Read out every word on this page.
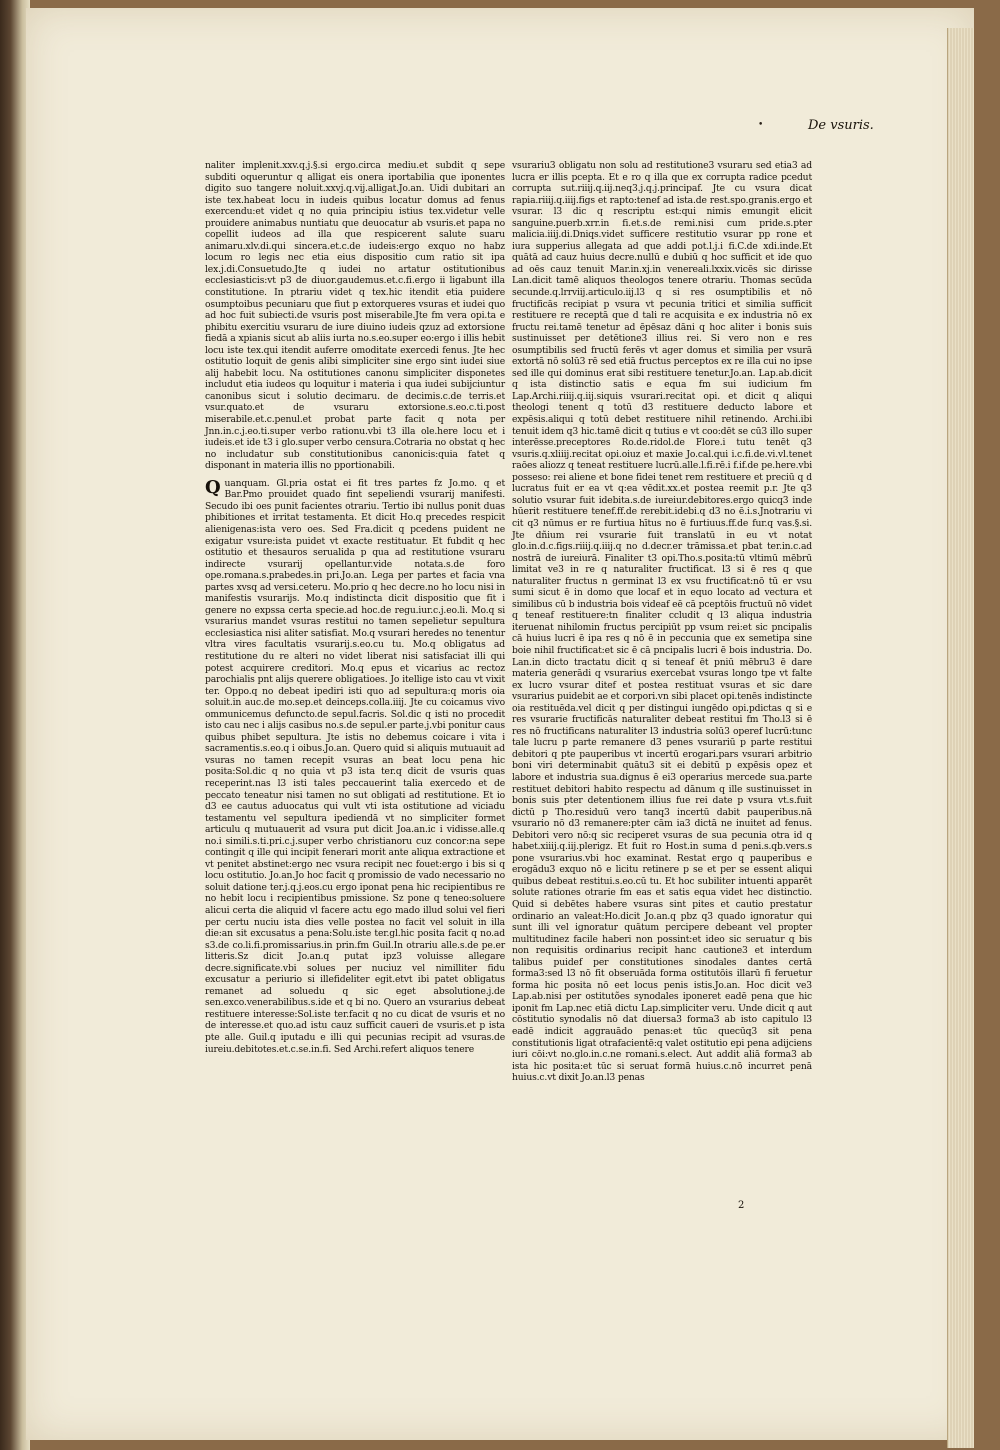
•	De vsuris.

naliter implenit.xxv.q.j.§.si ergo.circa mediu.et subdit q sepe subditi oqueruntur q alligat eis onera iportabilia que iponentes digito suo tangere noluit.xxvj.q.vij.alligat.Jo.an. Uidi dubitari an iste tex.habeat locu in iudeis quibus locatur domus ad fenus exercendu:et videt q no quia principiu istius tex.videtur velle prouidere animabus nuntiatu que deuocatur ab vsuris.et papa no copellit iudeos ad illa que respicerent salute suaru animaru.xlv.di.qui sincera.et.c.de iudeis:ergo exquo no habz locum ro legis nec etia eius dispositio cum ratio sit ipa lex.j.di.Consuetudo.Jte q iudei no artatur ostitutionibus ecclesiasticis:vt p3 de diuor.gaudemus.et.c.fi.ergo ii ligabunt illa constitutione. In ptrariu videt q tex.hic itendit etia puidere osumptoibus pecuniaru que fiut p extorqueres vsuras et iudei quo ad hoc fuit subiecti.de vsuris post miserabile.Jte fm vera opi.ta e phibitu exercitiu vsuraru de iure diuino iudeis qzuz ad extorsione fiedā a xpianis sicut ab aliis iurta no.s.eo.super eo:ergo i illis hebit locu iste tex.qui itendit auferre omoditate exercedi fenus. Jte hec ostitutio loquit de genis alibi simpliciter sine ergo sint iudei siue alij habebit locu. Na ostitutiones canonu simpliciter disponetes includut etia iudeos qu loquitur i materia i qua iudei subijciuntur canonibus sicut i solutio decimaru. de decimis.c.de terris.et vsur.quato.et de vsuraru extorsione.s.eo.c.ti.post miserabile.et.c.penul.et probat parte facit q nota per Jnn.in.c.j.eo.ti.super verbo rationu.vbi t3 illa ole.here locu et i iudeis.et ide t3 i glo.super verbo censura.Cotraria no obstat q hec no includatur sub constitutionibus canonicis:quia fatet q disponant in materia illis no pportionabili.

Quanquam. Gl.pria ostat ei fit tres partes fz Jo.mo. q et Bar.Pmo prouidet quado fint sepeliendi vsurarij manifesti. Secudo ibi oes punit facientes otrariu. Tertio ibi nullus ponit duas phibitiones et irritat testamenta. Et dicit Ho.q precedes respicit alienigenas:ista vero oes. Sed Fra.dicit q pcedens puident ne exigatur vsure:ista puidet vt exacte restituatur. Et fubdit q hec ostitutio et thesauros serualida p qua ad restitutione vsuraru indirecte vsurarij opellantur.vide notata.s.de foro ope.romana.s.prabedes.in pri.Jo.an. Lega per partes et facia vna partes xvsq ad versi.ceteru. Mo.prio q hec decre.no ho locu nisi in manifestis vsurarijs. Mo.q indistincta dicit dispositio que fit i genere no expssa certa specie.ad hoc.de regu.iur.c.j.eo.li. Mo.q si vsurarius mandet vsuras restitui no tamen sepelietur sepultura ecclesiastica nisi aliter satisfiat. Mo.q vsurari heredes no tenentur vltra vires facultatis vsurarij.s.eo.cu tu. Mo.q obligatus ad restitutione du re alteri no videt liberat nisi satisfaciat illi qui potest acquirere creditori. Mo.q epus et vicarius ac rectoz parochialis pnt alijs querere obligatioes. Jo itellige isto cau vt vixit ter. Oppo.q no debeat ipediri isti quo ad sepultura:q moris oia soluit.in auc.de mo.sep.et deinceps.colla.iiij. Jte cu coicamus vivo ommunicemus defuncto.de sepul.facris. Sol.dic q isti no procedit isto cau nec i alijs casibus no.s.de sepul.er parte.j.vbi ponitur caus quibus phibet sepultura. Jte istis no debemus coicare i vita i sacramentis.s.eo.q i oibus.Jo.an. Quero quid si aliquis mutuauit ad vsuras no tamen recepit vsuras an beat locu pena hic posita:Sol.dic q no quia vt p3 ista ter.q dicit de vsuris quas receperint.nas l3 isti tales peccauerint talia exercedo et de peccato teneatur nisi tamen no sut obligati ad restitutione. Et io d3 ee cautus aduocatus qui vult vti ista ostitutione ad viciadu testamentu vel sepultura ipediendā vt no simpliciter formet articulu q mutuauerit ad vsura put dicit Joa.an.ic i vidisse.alle.q no.i simili.s.ti.pri.c.j.super verbo christianoru cuz concor:na sepe contingit q ille qui incipit fenerari morit ante aliqua extractione et vt penitet abstinet:ergo nec vsura recipit nec fouet:ergo i bis si q locu ostitutio. Jo.an.Jo hoc facit q promissio de vado necessario no soluit datione ter.j.q.j.eos.cu ergo iponat pena hic recipientibus re no hebit locu i recipientibus pmissione. Sz pone q teneo:soluere alicui certa die aliquid vl facere actu ego mado illud solui vel fieri per certu nuciu ista dies velle postea no facit vel soluit in illa die:an sit excusatus a pena:Solu.iste ter.gl.hic posita facit q no.ad s3.de co.li.fi.promissarius.in prin.fm Guil.In otrariu alle.s.de pe.er litteris.Sz dicit Jo.an.q putat ipz3 voluisse allegare decre.significate.vbi solues per nuciuz vel nimilliter fidu excusatur a periurio si illefideliter egit.etvt ibi patet obligatus remanet ad soluedu q sic eget absolutione.j.de sen.exco.venerabilibus.s.ide et q bi no. Quero an vsurarius debeat restituere interesse:Sol.iste ter.facit q no cu dicat de vsuris et no de interesse.et quo.ad istu cauz sufficit caueri de vsuris.et p ista pte alle. Guil.q iputadu e illi qui pecunias recipit ad vsuras.de iureiu.debitotes.et.c.se.in.fi. Sed Archi.refert aliquos tenere

vsurariu3 obligatu non solu ad restitutione3 vsuraru sed etia3 ad lucra er illis pcepta. Et e ro q illa que ex corrupta radice pcedut corrupta sut.riiij.q.iij.neq3.j.q.j.principaf. Jte cu vsura dicat rapia.riiij.q.iiij.figs et rapto:tenef ad ista.de rest.spo.granis.ergo et vsurar. l3 dic q rescriptu est:qui nimis emungit elicit sanguine.puerb.xrr.in fi.et.s.de remi.nisi cum pride.s.pter malicia.iiij.di.Dniqs.videt sufficere restitutio vsurar pp rone et iura supperius allegata ad que addi pot.l.j.i fi.C.de xdi.inde.Et quātā ad cauz huius decre.nullū e dubiū q hoc sufficit et ide quo ad oēs cauz tenuit Mar.in.xj.in venereali.lxxix.vicēs sic dirisse Lan.dicit tamē aliquos theologos tenere otrariu. Thomas secūda secunde.q.lrrviij.articulo.iij.l3 q si res osumptibilis et nō fructificās recipiat p vsura vt pecunia tritici et similia sufficit restituere re receptā que d tali re acquisita e ex industria nō ex fructu rei.tamē tenetur ad ēpēsaz dāni q hoc aliter i bonis suis sustinuisset per detētione3 illius rei. Si vero non e res osumptibilis sed fructū ferēs vt ager domus et similia per vsurā extortā nō solū3 rē sed etiā fructus perceptos ex re illa cui no ipse sed ille qui dominus erat sibi restituere tenetur.Jo.an. Lap.ab.dicit q ista distinctio satis e equa fm sui iudicium fm Lap.Archi.riiij.q.iij.siquis vsurari.recitat opi. et dicit q aliqui theologi tenent q totū d3 restituere deducto labore et expēsis.aliqui q totū debet restituere nihil retinendo. Archi.ibi tenuit idem q3 hic.tamē dicit q tutius e vt coo:dēt se cū3 illo super interēsse.preceptores Ro.de.ridol.de Flore.i tutu tenēt q3 vsuris.q.xliiij.recitat opi.oiuz et maxie Jo.cal.qui i.c.fi.de.vi.vl.tenet raōes aliozz q teneat restituere lucrū.alle.l.fi.rē.i f.if.de pe.here.vbi posseso: rei aliene et bone fidei tenet rem restituere et preciū q d lucratus fuit er ea vt q:ea vēdit.xx.et postea reemit p.r. Jte q3 solutio vsurar fuit idebita.s.de iureiur.debitores.ergo quicq3 inde hūerit restituere tenef.ff.de rerebit.idebi.q d3 no ē.i.s.Jnotrariu vi cit q3 nūmus er re furtiua hītus no ē furtiuus.ff.de fur.q vas.§.si. Jte dñium rei vsurarie fuit translatū in eu vt notat glo.in.d.c.figs.riiij.q.iiij.q no d.decr.er trāmissa.et pbat ter.in.c.ad nostrā de iureiurā. Finaliter t3 opi.Tho.s.posita:tū vltimū mēbrū limitat ve3 in re q naturaliter fructificat. l3 si ē res q que naturaliter fructus n germinat l3 ex vsu fructificat:nō tū er vsu sumi sicut ē in domo que locaf et in equo locato ad vectura et similibus cū b industria bois videaf eē cā pceptōis fructuū nō videt q teneaf restituere:tn finaliter ccludit q l3 aliqua industria iteruenat nihilomin fructus percipiūt pp vsum rei:et sic pncipalis cā huius lucri ē ipa res q nō ē in peccunia que ex semetipa sine boie nihil fructificat:et sic ē cā pncipalis lucri ē bois industria. Do. Lan.in dicto tractatu dicit q si teneaf ēt pniū mēbru3 ē dare materia generādi q vsurarius exercebat vsuras longo tpe vt falte ex lucro vsurar ditef et postea restituat vsuras et sic dare vsurarius puidebit ae et corpori.vn sibi placet opi.tenēs indistincte oia restituēda.vel dicit q per distingui iungēdo opi.pdictas q si e res vsurarie fructificās naturaliter debeat restitui fm Tho.l3 si ē res nō fructificans naturaliter l3 industria solū3 operef lucrū:tunc tale lucru p parte remanere d3 penes vsurariū p parte restitui debitori q pte pauperibus vt incertū erogari.pars vsurari arbitrio boni viri determinabit quātu3 sit ei debitū p expēsis opez et labore et industria sua.dignus ē ei3 operarius mercede sua.parte restituet debitori habito respectu ad dānum q ille sustinuisset in bonis suis pter detentionem illius fue rei date p vsura vt.s.fuit dictū p Tho.residuū vero tanq3 incertū dabit pauperibus.nā vsurario nō d3 remanere:pter cām ia3 dictā ne inuitet ad fenus. Debitori vero nō:q sic reciperet vsuras de sua pecunia otra id q habet.xiiij.q.iij.plerigz. Et fuit ro Host.in suma d peni.s.qb.vers.s pone vsurarius.vbi hoc examinat. Restat ergo q pauperibus e erogādu3 exquo nō e licitu retinere p se et per se essent aliqui quibus debeat restitui.s.eo.cū tu. Et hoc subiliter intuenti apparēt solute rationes otrarie fm eas et satis equa videt hec distinctio. Quid si debētes habere vsuras sint pites et cautio prestatur ordinario an valeat:Ho.dicit Jo.an.q pbz q3 quado ignoratur qui sunt illi vel ignoratur quātum percipere debeant vel propter multitudinez facile haberi non possint:et ideo sic seruatur q bis non requisitis ordinarius recipit hanc cautione3 et interdum talibus puidef per constitutiones sinodales dantes certā forma3:sed l3 nō fit obseruāda forma ostitutōis illarū fi feruetur forma hic posita nō eet locus penis istis.Jo.an. Hoc dicit ve3 Lap.ab.nisi per ostitutões synodales iponeret eadē pena que hic iponit fm Lap.nec etiā dictu Lap.simpliciter veru. Unde dicit q aut cōstitutio synodalis nō dat diuersa3 forma3 ab isto capitulo l3 eadē indicit aggrauādo penas:et tūc quecūq3 sit pena constitutionis ligat otrafacientē:q valet ostitutio epi pena adijciens iuri cōi:vt no.glo.in.c.ne romani.s.elect. Aut addit aliā forma3 ab ista hic posita:et tūc si seruat formā huius.c.nō incurret penā huius.c.vt dixit Jo.an.l3 penas

2
